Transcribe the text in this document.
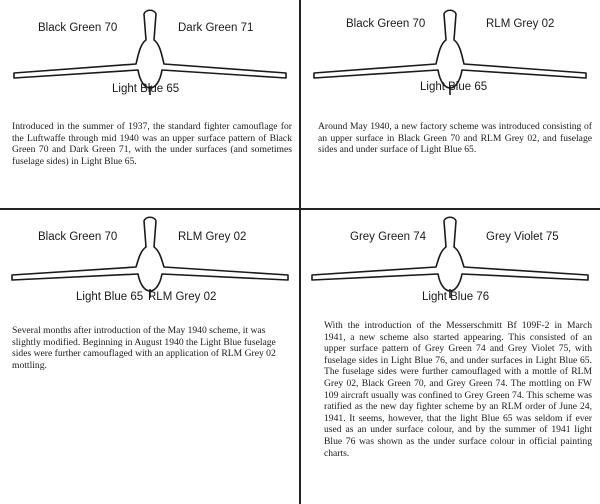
Black Green 70	Dark Green 71
Light Blue 65
Introduced in the summer of 1937, the standard fighter camouflage for the Luftwaffe through mid 1940 was an upper surface pattern of Black Green 70 and Dark Green 71, with the under surfaces (and sometimes fuselage sides) in Light Blue 65.
Black Green 70	RLM Grey 02
Light Blue 65
Around May 1940, a new factory scheme was introduced consisting of an upper surface in Black Green 70 and RLM Grey 02, and fuselage sides and under surface of Light Blue 65.
Black Green 70	RLM Grey 02
Light Blue 65 RLM Grey 02
Several months after introduction of the May 1940 scheme, it was slightly modified. Beginning in August 1940 the Light Blue fuselage sides were further camouflaged with an application of RLM Grey 02 mottling.
Grey Green 74	Grey Violet 75
Light Blue 76
With the introduction of the Messerschmitt Bf 109F-2 in March 1941, a new scheme also started appearing. This consisted of an upper surface pattern of Grey Green 74 and Grey Violet 75, with fuselage sides in Light Blue 76, and under surfaces in Light Blue 65. The fuselage sides were further camouflaged with a mottle of RLM Grey 02, Black Green 70, and Grey Green 74. The mottling on FW 109 aircraft usually was confined to Grey Green 74. This scheme was ratified as the new day fighter scheme by an RLM order of June 24, 1941. It seems, however, that the light Blue 65 was seldom if ever used as an under surface colour, and by the summer of 1941 light Blue 76 was shown as the under surface colour in official painting charts.
